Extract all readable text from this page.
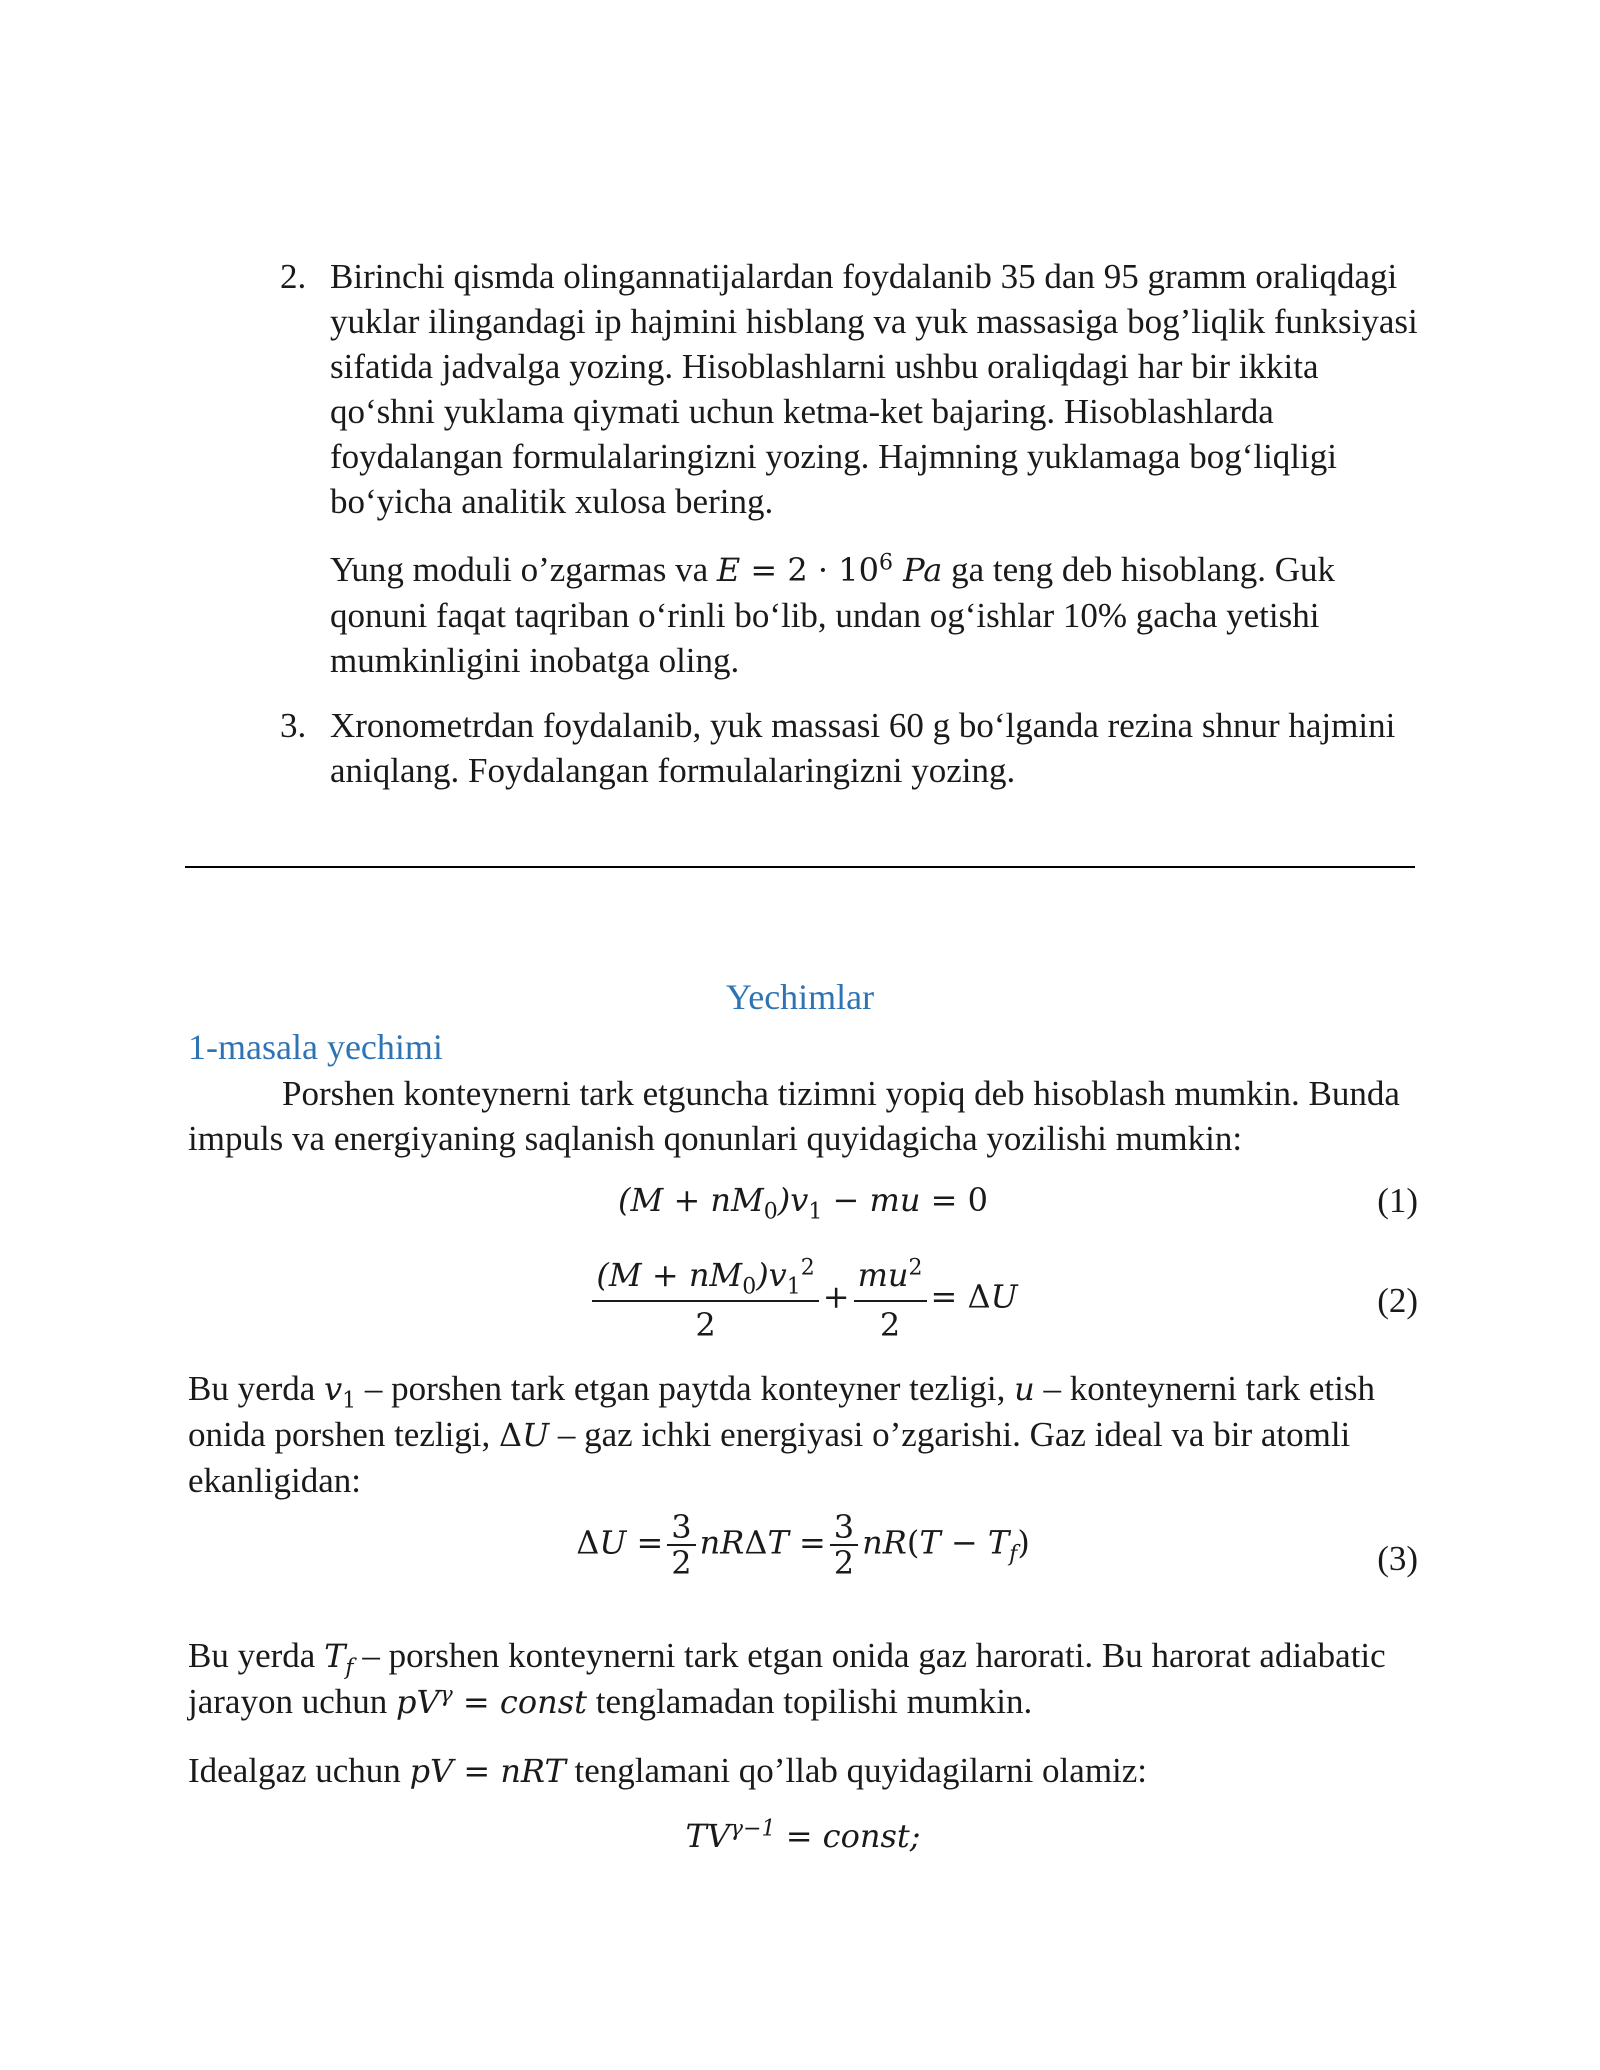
2. Birinchi qismda olingannatijalardan foydalanib 35 dan 95 gramm oraliqdagi yuklar ilingandagi ip hajmini hisblang va yuk massasiga bog’liqlik funksiyasi sifatida jadvalga yozing. Hisoblashlarni ushbu oraliqdagi har bir ikkita qo‘shni yuklama qiymati uchun ketma-ket bajaring. Hisoblashlarda foydalangan formulalaringizni yozing. Hajmning yuklamaga bog‘liqligi bo‘yicha analitik xulosa bering.

Yung moduli o’zgarmas va $E = 2 \cdot 10^6$ Pa ga teng deb hisoblang. Guk qonuni faqat taqriban o‘rinli bo‘lib, undan og‘ishlar 10% gacha yetishi mumkinligini inobatga oling.

3. Xronometrdan foydalanib, yuk massasi 60 g bo‘lganda rezina shnur hajmini aniqlang. Foydalangan formulalaringizni yozing.

Yechimlar
1-masala yechimi

Porshen konteynerni tark etguncha tizimni yopiq deb hisoblash mumkin. Bunda impuls va energiyaning saqlanish qonunlari quyidagicha yozilishi mumkin:

$(M + nM_0)v_1$ − mu = 0	(1)
$\frac{(M + nM_0)v_1^2}{2} + \frac{mu^2}{2} = \Delta U$	(2)

Bu yerda $v_1$ – porshen tark etgan paytda konteyner tezligi, u – konteynerni tark etish onida porshen tezligi, ΔU – gaz ichki energiyasi o’zgarishi. Gaz ideal va bir atomli ekanligidan:

$\Delta U = \frac{3}{2}$ $nR\Delta T = \frac{3}{2} nR(T - T_f)$	(3)

Bu yerda $T_f$ – porshen konteynerni tark etgan onida gaz harorati. Bu harorat adiabatic jarayon uchun $pV^\gamma$ = const tenglamadan topilishi mumkin.

Idealgaz uchun pV = nRT tenglamani qo’llab quyidagilarni olamiz:

$TV^{\gamma-1}$ = const;
